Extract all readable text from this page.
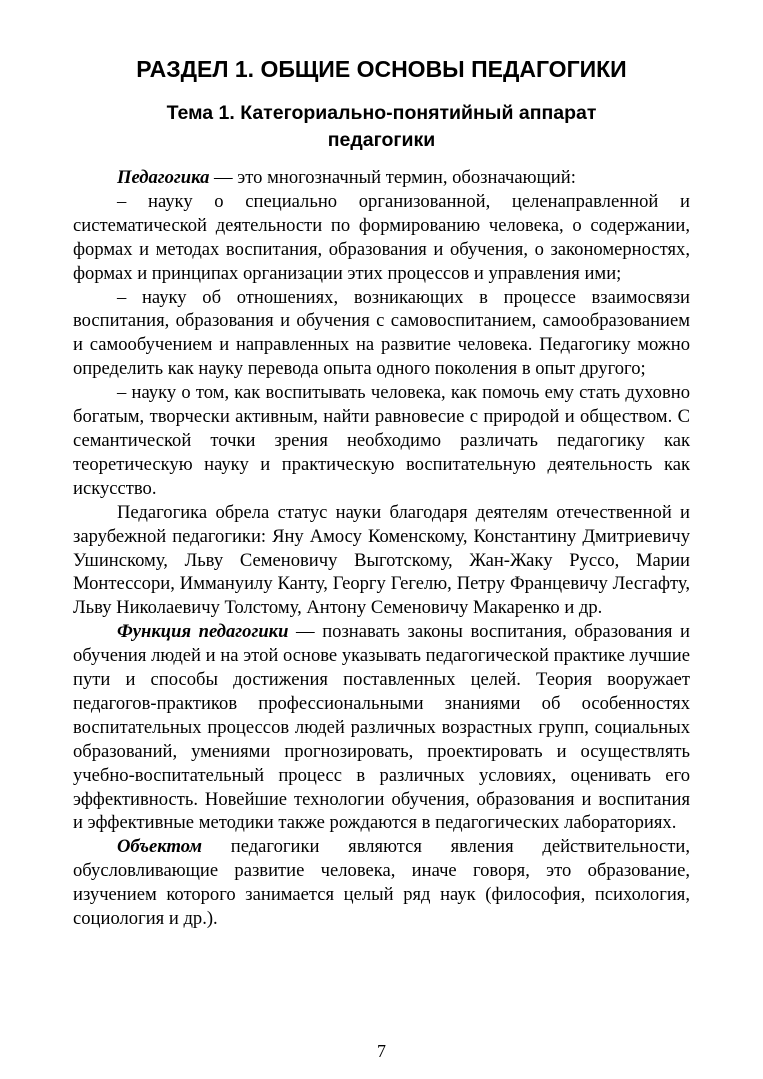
РАЗДЕЛ 1. ОБЩИЕ ОСНОВЫ ПЕДАГОГИКИ
Тема 1. Категориально-понятийный аппарат
педагогики

Педагогика — это многозначный термин, обозначающий:

– науку о специально организованной, целенаправленной и систематической деятельности по формированию человека, о содержании, формах и методах воспитания, образования и обучения, о закономерностях, формах и принципах организации этих процессов и управления ими;

– науку об отношениях, возникающих в процессе взаимосвязи воспитания, образования и обучения с самовоспитанием, самообразованием и самообучением и направленных на развитие человека. Педагогику можно определить как науку перевода опыта одного поколения в опыт другого;

– науку о том, как воспитывать человека, как помочь ему стать духовно богатым, творчески активным, найти равновесие с природой и обществом. С семантической точки зрения необходимо различать педагогику как теоретическую науку и практическую воспитательную деятельность как искусство.

Педагогика обрела статус науки благодаря деятелям отечественной и зарубежной педагогики: Яну Амосу Коменскому, Константину Дмитриевичу Ушинскому, Льву Семеновичу Выготскому, Жан-Жаку Руссо, Марии Монтессори, Иммануилу Канту, Георгу Гегелю, Петру Францевичу Лесгафту, Льву Николаевичу Толстому, Антону Семеновичу Макаренко и др.

Функция педагогики — познавать законы воспитания, образования и обучения людей и на этой основе указывать педагогической практике лучшие пути и способы достижения поставленных целей. Теория вооружает педагогов-практиков профессиональными знаниями об особенностях воспитательных процессов людей различных возрастных групп, социальных образований, умениями прогнозировать, проектировать и осуществлять учебно-воспитательный процесс в различных условиях, оценивать его эффективность. Новейшие технологии обучения, образования и воспитания и эффективные методики также рождаются в педагогических лабораториях.

Объектом педагогики являются явления действительности, обусловливающие развитие человека, иначе говоря, это образование, изучением которого занимается целый ряд наук (философия, психология, социология и др.).

7
